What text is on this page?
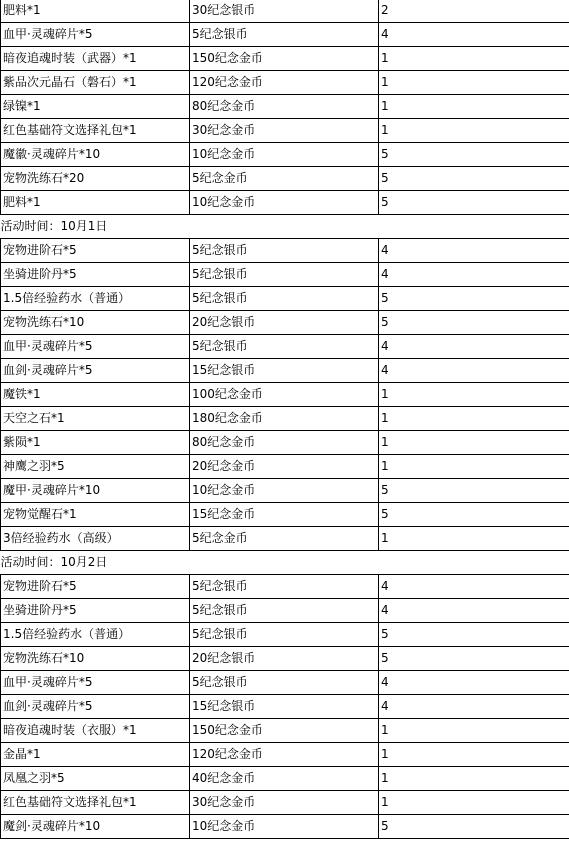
肥料*1	30纪念银币	2
血甲·灵魂碎片*5	5纪念银币	4
暗夜追魂时装（武器）*1	150纪念金币	1
紫品次元晶石（磐石）*1	120纪念金币	1
绿镍*1	80纪念金币	1
红色基础符文选择礼包*1	30纪念金币	1
魔徽·灵魂碎片*10	10纪念金币	5
宠物洗练石*20	5纪念金币	5
肥料*1	10纪念金币	5
活动时间：10月1日		
宠物进阶石*5	5纪念银币	4
坐骑进阶丹*5	5纪念银币	4
1.5倍经验药水（普通）	5纪念银币	5
宠物洗练石*10	20纪念银币	5
血甲·灵魂碎片*5	5纪念银币	4
血剑·灵魂碎片*5	15纪念银币	4
魔铁*1	100纪念金币	1
天空之石*1	180纪念金币	1
紫陨*1	80纪念金币	1
神鹰之羽*5	20纪念金币	1
魔甲·灵魂碎片*10	10纪念金币	5
宠物觉醒石*1	15纪念金币	5
3倍经验药水（高级）	5纪念金币	1
活动时间：10月2日		
宠物进阶石*5	5纪念银币	4
坐骑进阶丹*5	5纪念银币	4
1.5倍经验药水（普通）	5纪念银币	5
宠物洗练石*10	20纪念银币	5
血甲·灵魂碎片*5	5纪念银币	4
血剑·灵魂碎片*5	15纪念银币	4
暗夜追魂时装（衣服）*1	150纪念金币	1
金晶*1	120纪念金币	1
凤凰之羽*5	40纪念金币	1
红色基础符文选择礼包*1	30纪念金币	1
魔剑·灵魂碎片*10	10纪念金币	5
